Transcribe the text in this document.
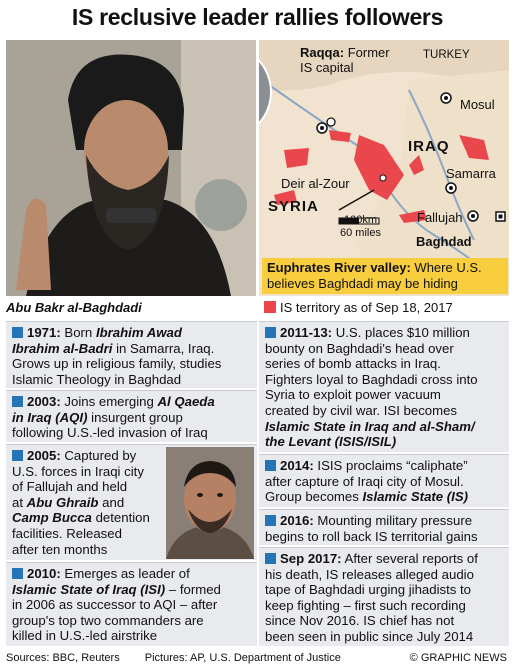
IS reclusive leader rallies followers
Raqqa: Former
IS capital
TURKEY
Mosul
IRAQ
Samarra
Deir al-Zour
SYRIA
100km
60 miles
Fallujah
Baghdad
Euphrates River valley: Where U.S.
believes Baghdadi may be hiding
Abu Bakr al-Baghdadi	IS territory as of Sep 18, 2017
1971: Born Ibrahim Awad
Ibrahim al-Badri in Samarra, Iraq.
Grows up in religious family, studies
Islamic Theology in Baghdad
2003: Joins emerging Al Qaeda
in Iraq (AQI) insurgent group
following U.S.-led invasion of Iraq
2005: Captured by
U.S. forces in Iraqi city
of Fallujah and held
at Abu Ghraib and
Camp Bucca detention
facilities. Released
after ten months
2010: Emerges as leader of
Islamic State of Iraq (ISI) – formed
in 2006 as successor to AQI – after
group's top two commanders are
killed in U.S.-led airstrike
2011-13: U.S. places $10 million
bounty on Baghdadi's head over
series of bomb attacks in Iraq.
Fighters loyal to Baghdadi cross into
Syria to exploit power vacuum
created by civil war. ISI becomes
Islamic State in Iraq and al-Sham/
the Levant (ISIS/ISIL)
2014: ISIS proclaims “caliphate”
after capture of Iraqi city of Mosul.
Group becomes Islamic State (IS)
2016: Mounting military pressure
begins to roll back IS territorial gains
Sep 2017: After several reports of
his death, IS releases alleged audio
tape of Baghdadi urging jihadists to
keep fighting – first such recording
since Nov 2016. IS chief has not
been seen in public since July 2014
Sources: BBC, Reuters Pictures: AP, U.S. Department of Justice	© GRAPHIC NEWS
